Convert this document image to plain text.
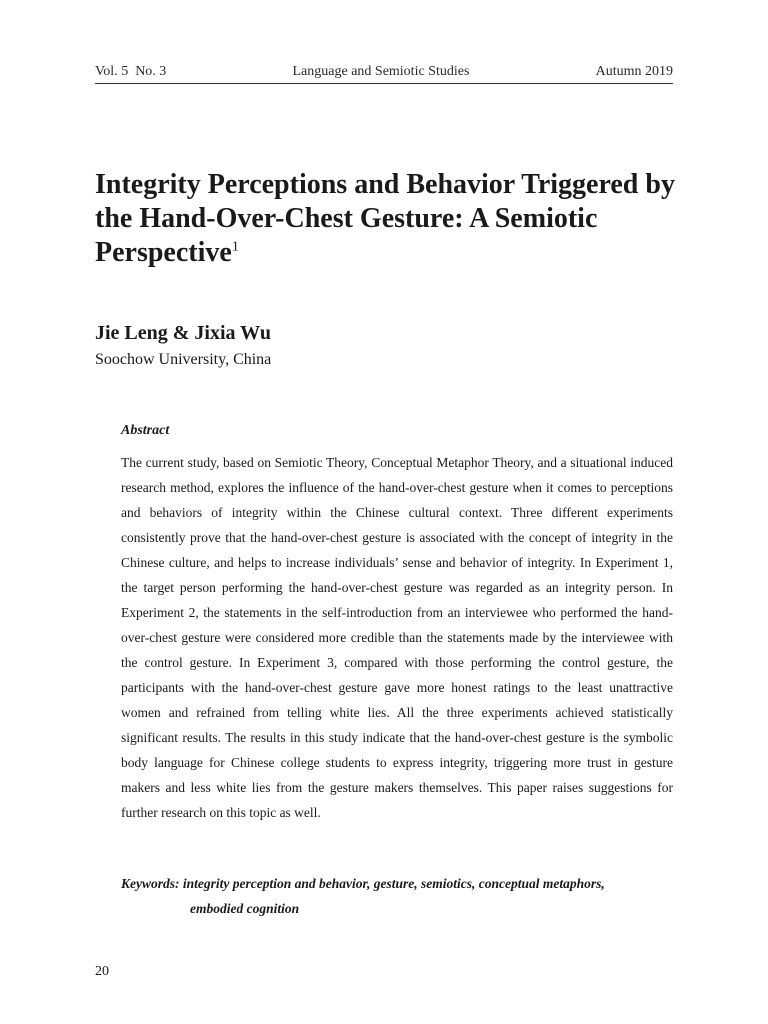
Vol. 5  No. 3	Language and Semiotic Studies	Autumn 2019
Integrity Perceptions and Behavior Triggered by the Hand-Over-Chest Gesture: A Semiotic Perspective$^1$

Jie Leng & Jixia Wu

Soochow University, China

Abstract

The current study, based on Semiotic Theory, Conceptual Metaphor Theory, and a situational induced research method, explores the influence of the hand-over-chest gesture when it comes to perceptions and behaviors of integrity within the Chinese cultural context. Three different experiments consistently prove that the hand-over-chest gesture is associated with the concept of integrity in the Chinese culture, and helps to increase individuals’ sense and behavior of integrity. In Experiment 1, the target person performing the hand-over-chest gesture was regarded as an integrity person. In Experiment 2, the statements in the self-introduction from an interviewee who performed the hand-over-chest gesture were considered more credible than the statements made by the interviewee with the control gesture. In Experiment 3, compared with those performing the control gesture, the participants with the hand-over-chest gesture gave more honest ratings to the least unattractive women and refrained from telling white lies. All the three experiments achieved statistically significant results. The results in this study indicate that the hand-over-chest gesture is the symbolic body language for Chinese college students to express integrity, triggering more trust in gesture makers and less white lies from the gesture makers themselves. This paper raises suggestions for further research on this topic as well.

Keywords: integrity perception and behavior, gesture, semiotics, conceptual metaphors,
embodied cognition
20
